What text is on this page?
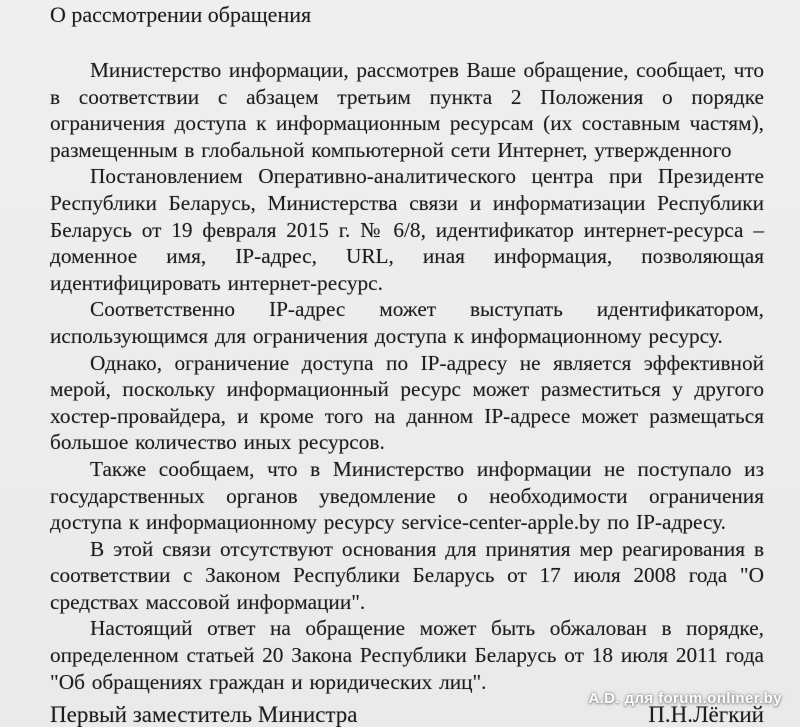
О рассмотрении обращения

Министерство информации, рассмотрев Ваше обращение, сообщает, что в соответствии с абзацем третьим пункта 2 Положения о порядке ограничения доступа к информационным ресурсам (их составным частям), размещенным в глобальной компьютерной сети Интернет, утвержденного

Постановлением Оперативно-аналитического центра при Президенте Республики Беларусь, Министерства связи и информатизации Республики Беларусь от 19 февраля 2015 г. № 6/8, идентификатор интернет-ресурса – доменное имя, IP-адрес, URL, иная информация, позволяющая идентифицировать интернет-ресурс.

Соответственно IP-адрес может выступать идентификатором, использующимся для ограничения доступа к информационному ресурсу.

Однако, ограничение доступа по IP-адресу не является эффективной мерой, поскольку информационный ресурс может разместиться у другого хостер-провайдера, и кроме того на данном IP-адресе может размещаться большое количество иных ресурсов.

Также сообщаем, что в Министерство информации не поступало из государственных органов уведомление о необходимости ограничения доступа к информационному ресурсу service-center-apple.by по IP-адресу.

В этой связи отсутствуют основания для принятия мер реагирования в соответствии с Законом Республики Беларусь от 17 июля 2008 года "О средствах массовой информации".

Настоящий ответ на обращение может быть обжалован в порядке, определенном статьей 20 Закона Республики Беларусь от 18 июля 2011 года "Об обращениях граждан и юридических лиц".

Первый заместитель Министра	П.Н.Лёгкий
A.D. для forum.onliner.by
